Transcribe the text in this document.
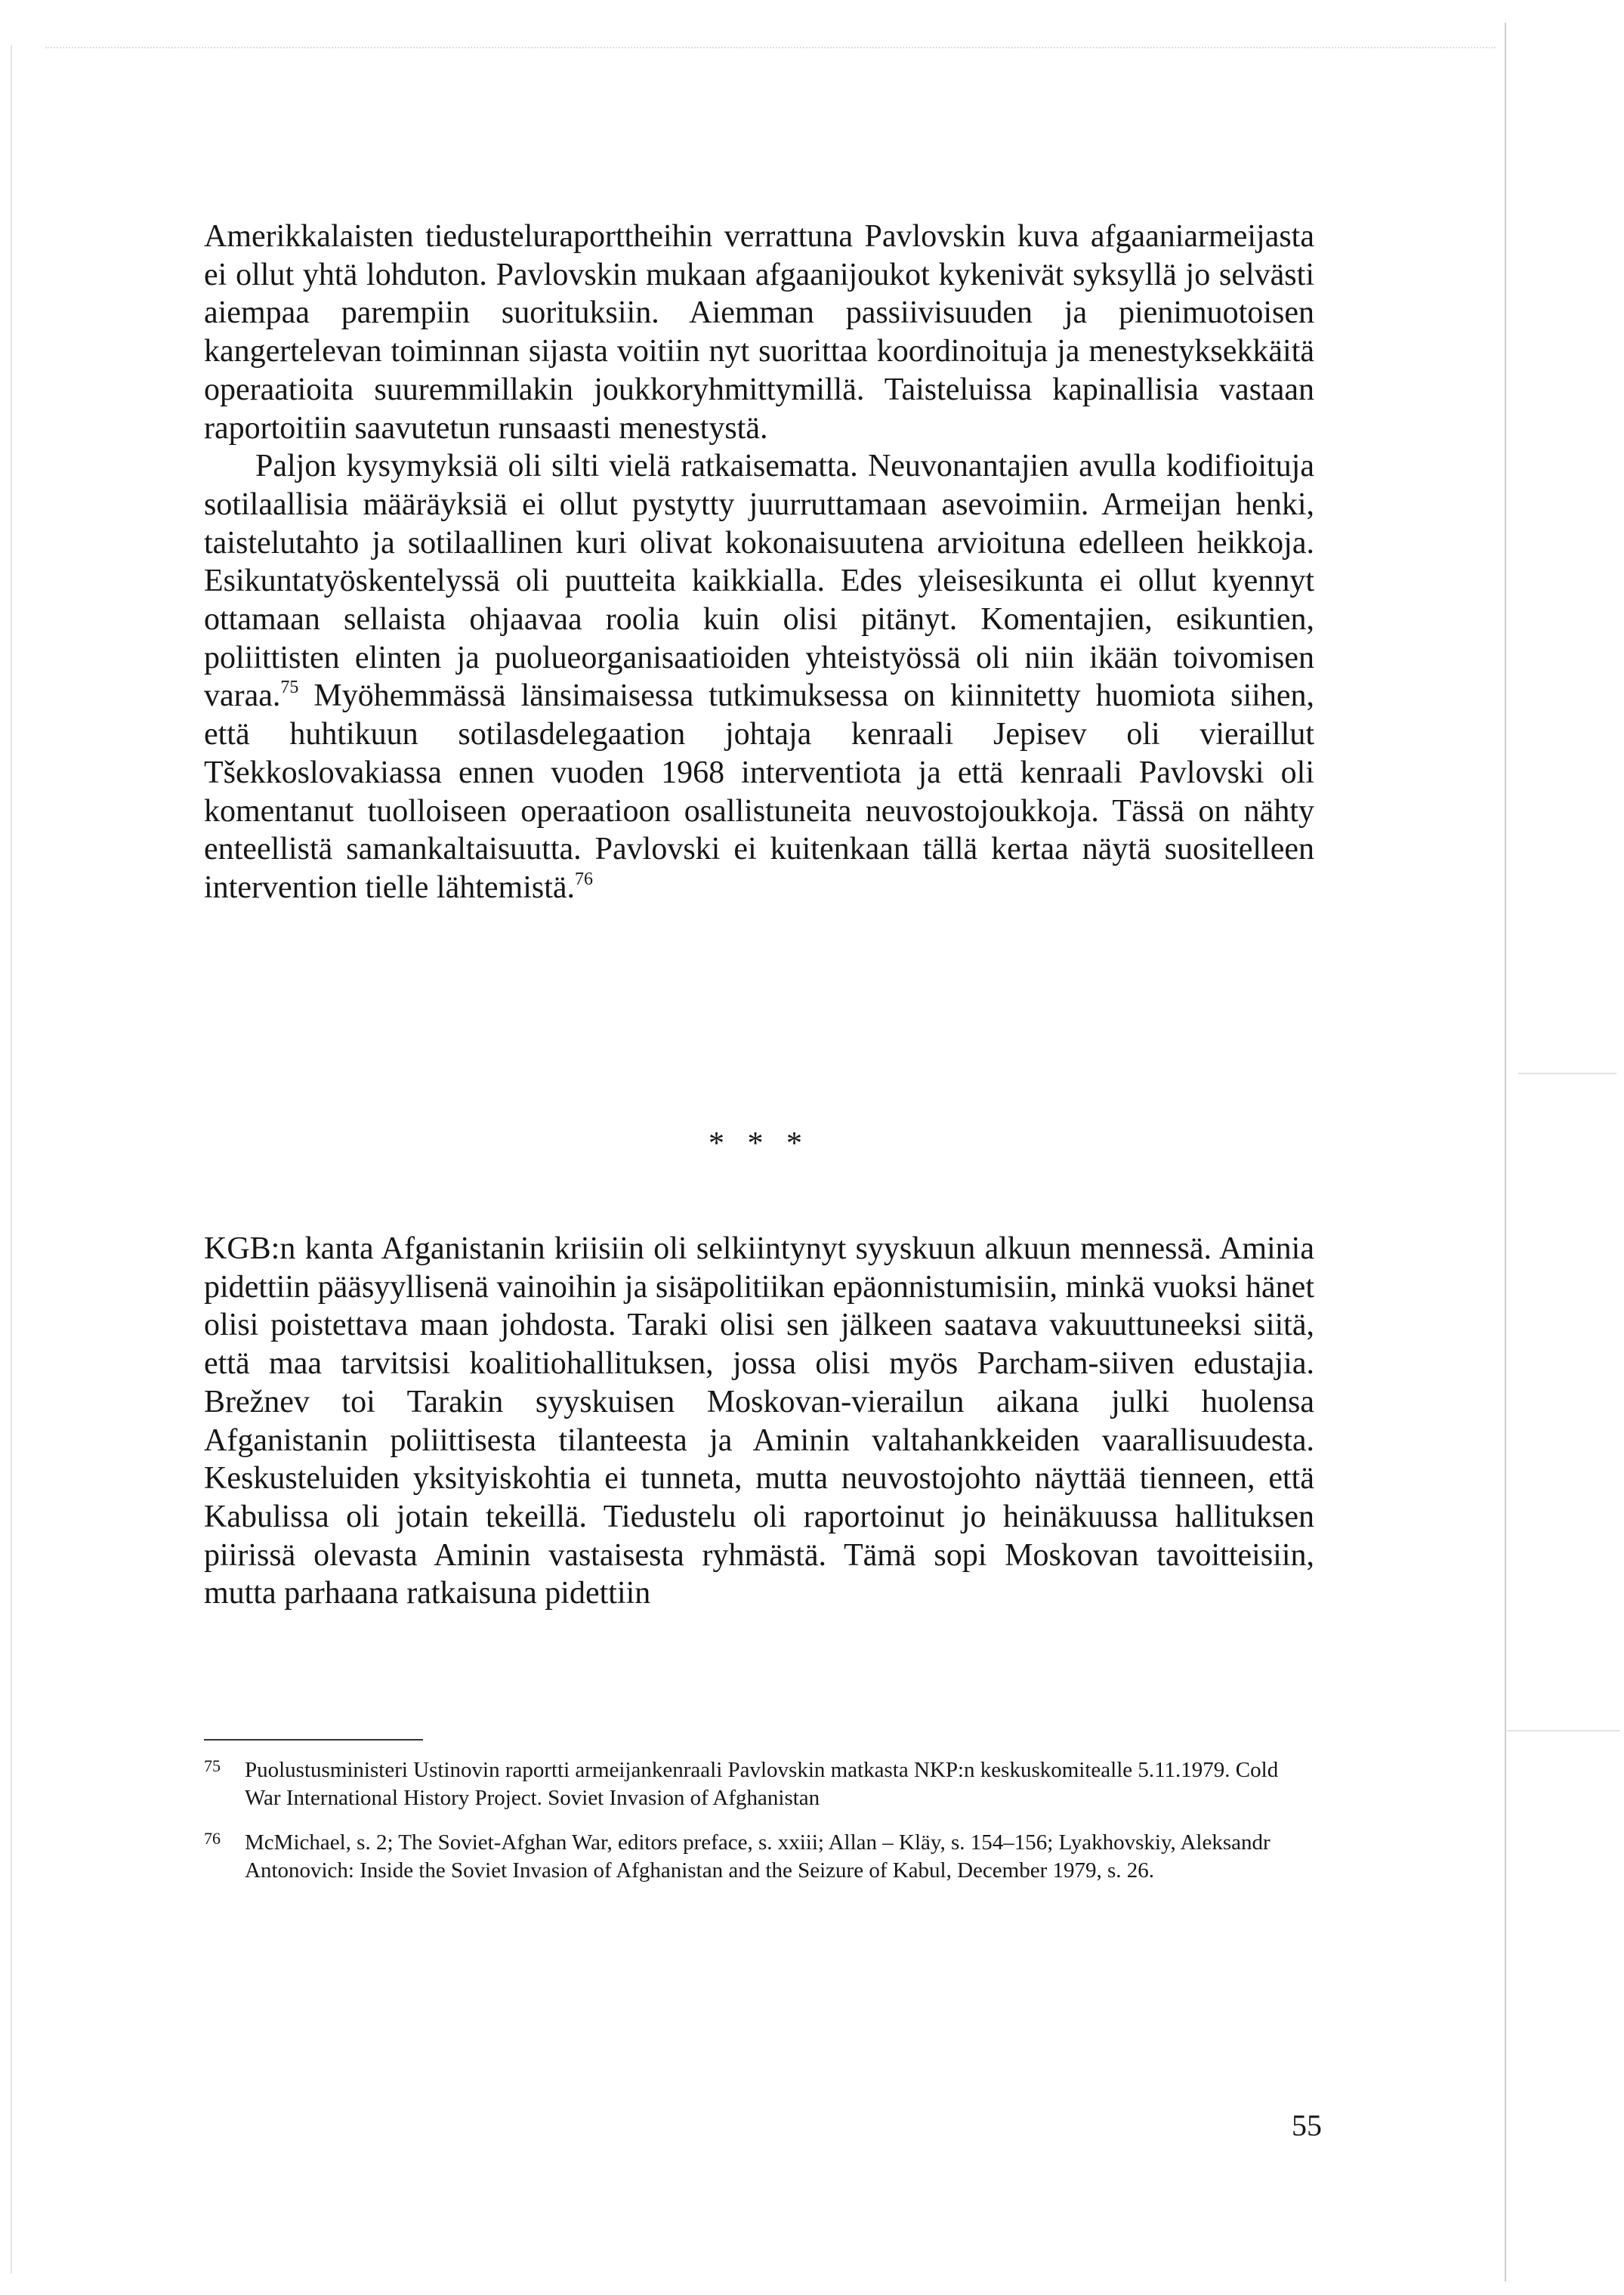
Amerikkalaisten tiedusteluraporttheihin verrattuna Pavlovskin kuva afgaaniarmeijasta ei ollut yhtä lohduton. Pavlovskin mukaan afgaanijoukot kykenivät syksyllä jo selvästi aiempaa parempiin suorituksiin. Aiemman passiivisuuden ja pienimuotoisen kangertelevan toiminnan sijasta voitiin nyt suorittaa koordinoituja ja menestyksekkäitä operaatioita suuremmillakin joukkoryhmittymillä. Taisteluissa kapinallisia vastaan raportoitiin saavutetun runsaasti menestystä.

Paljon kysymyksiä oli silti vielä ratkaisematta. Neuvonantajien avulla kodifioituja sotilaallisia määräyksiä ei ollut pystytty juurruttamaan asevoimiin. Armeijan henki, taistelutahto ja sotilaallinen kuri olivat kokonaisuutena arvioituna edelleen heikkoja. Esikuntatyöskentelyssä oli puutteita kaikkialla. Edes yleisesikunta ei ollut kyennyt ottamaan sellaista ohjaavaa roolia kuin olisi pitänyt. Komentajien, esikuntien, poliittisten elinten ja puolueorganisaatioiden yhteistyössä oli niin ikään toivomisen varaa.$^{75}$ Myöhemmässä länsimaisessa tutkimuksessa on kiinnitetty huomiota siihen, että huhtikuun sotilasdelegaation johtaja kenraali Jepisev oli vieraillut Tšekkoslovakiassa ennen vuoden 1968 interventiota ja että kenraali Pavlovski oli komentanut tuolloiseen operaatioon osallistuneita neuvostojoukkoja. Tässä on nähty enteellistä samankaltaisuutta. Pavlovski ei kuitenkaan tällä kertaa näytä suositelleen intervention tielle lähtemistä.$^{76}$

* * *

KGB:n kanta Afganistanin kriisiin oli selkiintynyt syyskuun alkuun mennessä. Aminia pidettiin pääsyyllisenä vainoihin ja sisäpolitiikan epäonnistumisiin, minkä vuoksi hänet olisi poistettava maan johdosta. Taraki olisi sen jälkeen saatava vakuuttuneeksi siitä, että maa tarvitsisi koalitiohallituksen, jossa olisi myös Parcham-siiven edustajia. Brežnev toi Tarakin syyskuisen Moskovan-vierailun aikana julki huolensa Afganistanin poliittisesta tilanteesta ja Aminin valtahankkeiden vaarallisuudesta. Keskusteluiden yksityiskohtia ei tunneta, mutta neuvostojohto näyttää tienneen, että Kabulissa oli jotain tekeillä. Tiedustelu oli raportoinut jo heinäkuussa hallituksen piirissä olevasta Aminin vastaisesta ryhmästä. Tämä sopi Moskovan tavoitteisiin, mutta parhaana ratkaisuna pidettiin

75 Puolustusministeri Ustinovin raportti armeijankenraali Pavlovskin matkasta NKP:n keskuskomitealle 5.11.1979. Cold War International History Project. Soviet Invasion of Afghanistan

76 McMichael, s. 2; The Soviet-Afghan War, editors preface, s. xxiii; Allan – Kläy, s. 154–156; Lyakhovskiy, Aleksandr Antonovich: Inside the Soviet Invasion of Afghanistan and the Seizure of Kabul, December 1979, s. 26.

55
